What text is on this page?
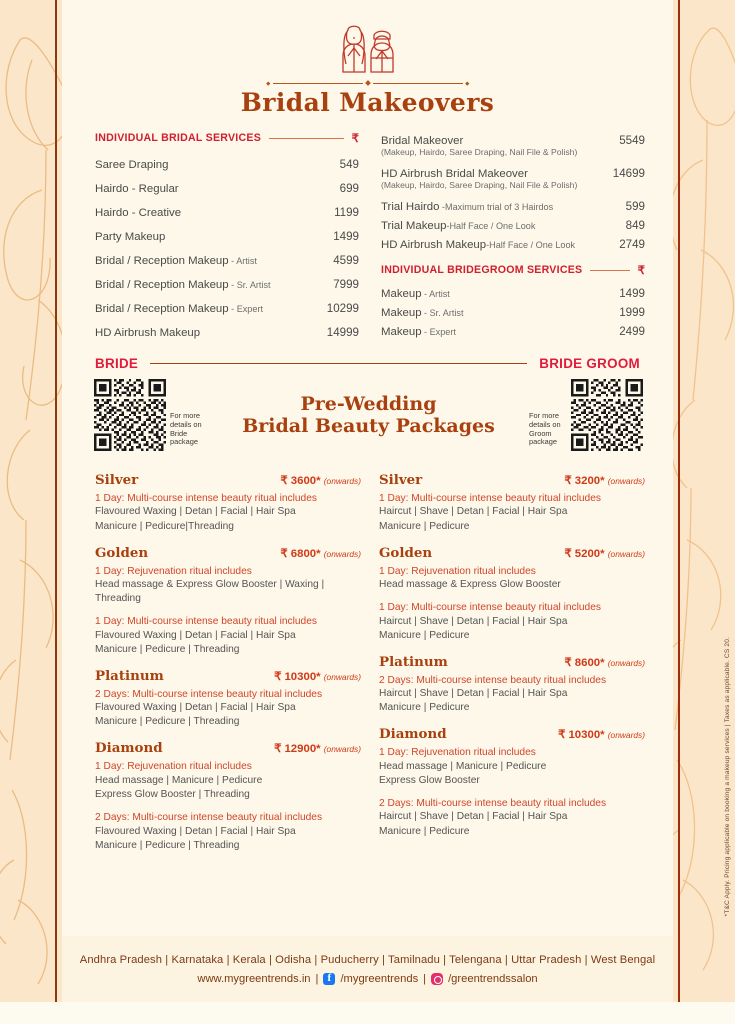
Bridal Makeovers
INDIVIDUAL BRIDAL SERVICES	₹
Saree Draping	549
Hairdo - Regular	699
Hairdo - Creative	1199
Party Makeup	1499
Bridal / Reception Makeup - Artist	4599
Bridal / Reception Makeup - Sr. Artist	7999
Bridal / Reception Makeup - Expert	10299
HD Airbrush Makeup	14999
Bridal Makeover	5549
(Makeup, Hairdo, Saree Draping, Nail File & Polish)
HD Airbrush Bridal Makeover	14699
(Makeup, Hairdo, Saree Draping, Nail File & Polish)
Trial Hairdo -Maximum trial of 3 Hairdos	599
Trial Makeup-Half Face / One Look	849
HD Airbrush Makeup-Half Face / One Look	2749
INDIVIDUAL BRIDEGROOM SERVICES	₹
Makeup - Artist	1499
Makeup - Sr. Artist	1999
Makeup - Expert	2499
BRIDE	BRIDE GROOM
For more details on Bride package
Pre-Wedding
Bridal Beauty Packages	For more details on Groom package
Silver	₹ 3600* (onwards)
1 Day: Multi-course intense beauty ritual includes
Flavoured Waxing | Detan | Facial | Hair Spa
Manicure | Pedicure|Threading
Golden	₹ 6800* (onwards)
1 Day: Rejuvenation ritual includes
Head massage & Express Glow Booster | Waxing |
Threading
1 Day: Multi-course intense beauty ritual includes
Flavoured Waxing | Detan | Facial | Hair Spa
Manicure | Pedicure | Threading
Platinum	₹ 10300* (onwards)
2 Days: Multi-course intense beauty ritual includes
Flavoured Waxing | Detan | Facial | Hair Spa
Manicure | Pedicure | Threading
Diamond	₹ 12900* (onwards)
1 Day: Rejuvenation ritual includes
Head massage | Manicure | Pedicure
Express Glow Booster | Threading
2 Days: Multi-course intense beauty ritual includes
Flavoured Waxing | Detan | Facial | Hair Spa
Manicure | Pedicure | Threading
Silver	₹ 3200* (onwards)
1 Day: Multi-course intense beauty ritual includes
Haircut | Shave | Detan | Facial | Hair Spa
Manicure | Pedicure
Golden	₹ 5200* (onwards)
1 Day: Rejuvenation ritual includes
Head massage & Express Glow Booster
1 Day: Multi-course intense beauty ritual includes
Haircut | Shave | Detan | Facial | Hair Spa
Manicure | Pedicure
Platinum	₹ 8600* (onwards)
2 Days: Multi-course intense beauty ritual includes
Haircut | Shave | Detan | Facial | Hair Spa
Manicure | Pedicure
Diamond	₹ 10300* (onwards)
1 Day: Rejuvenation ritual includes
Head massage | Manicure | Pedicure
Express Glow Booster
2 Days: Multi-course intense beauty ritual includes
Haircut | Shave | Detan | Facial | Hair Spa
Manicure | Pedicure	*T&C Apply. Pricing applicable on booking a makeup services | Taxes as applicable. CS 20.
Andhra Pradesh | Karnataka | Kerala | Odisha | Puducherry | Tamilnadu | Telengana | Uttar Pradesh | West Bengal
www.mygreentrends.in | f /mygreentrends | /greentrendssalon
